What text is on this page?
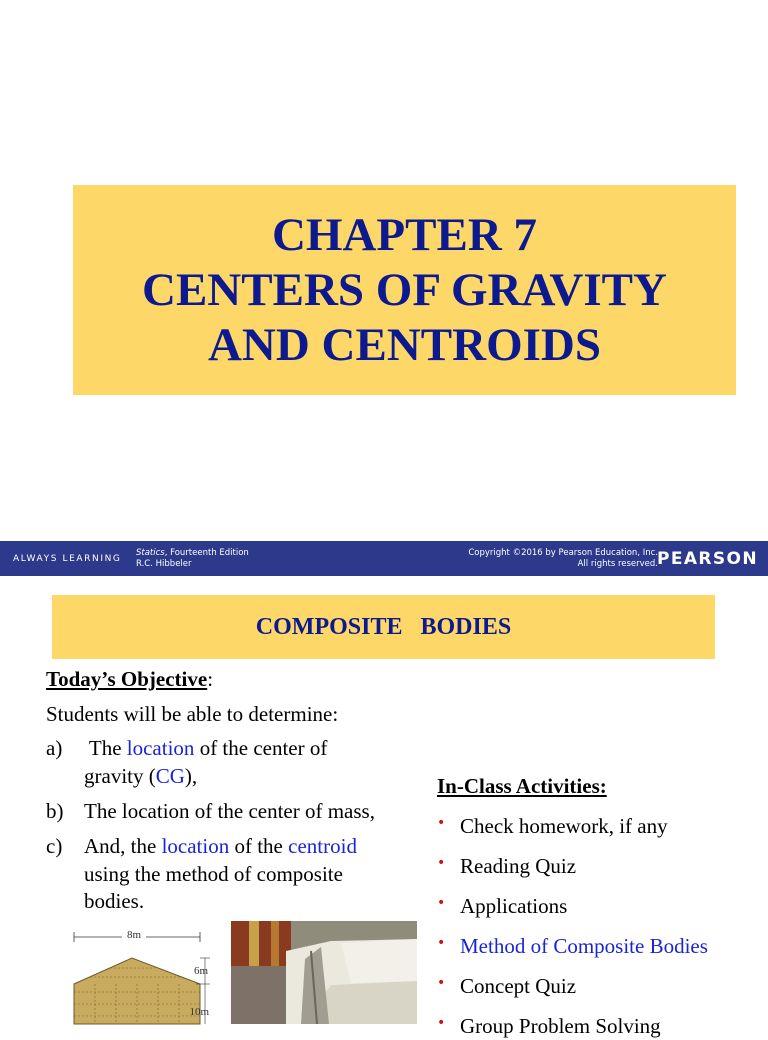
CHAPTER 7
CENTERS OF GRAVITY
AND CENTROIDS
ALWAYS LEARNING
Statics, Fourteenth Edition
R.C. Hibbeler
Copyright ©2016 by Pearson Education, Inc.
All rights reserved.
PEARSON
COMPOSITE   BODIES
Today’s Objective:
Students will be able to determine:
a) The location of the center of
gravity (CG),
b) The location of the center of mass,
c) And, the location of the centroid
using the method of composite
bodies.
In-Class Activities:
• Check homework, if any
• Reading Quiz
• Applications
• Method of Composite Bodies
• Concept Quiz
• Group Problem Solving
8m
6m
10m
